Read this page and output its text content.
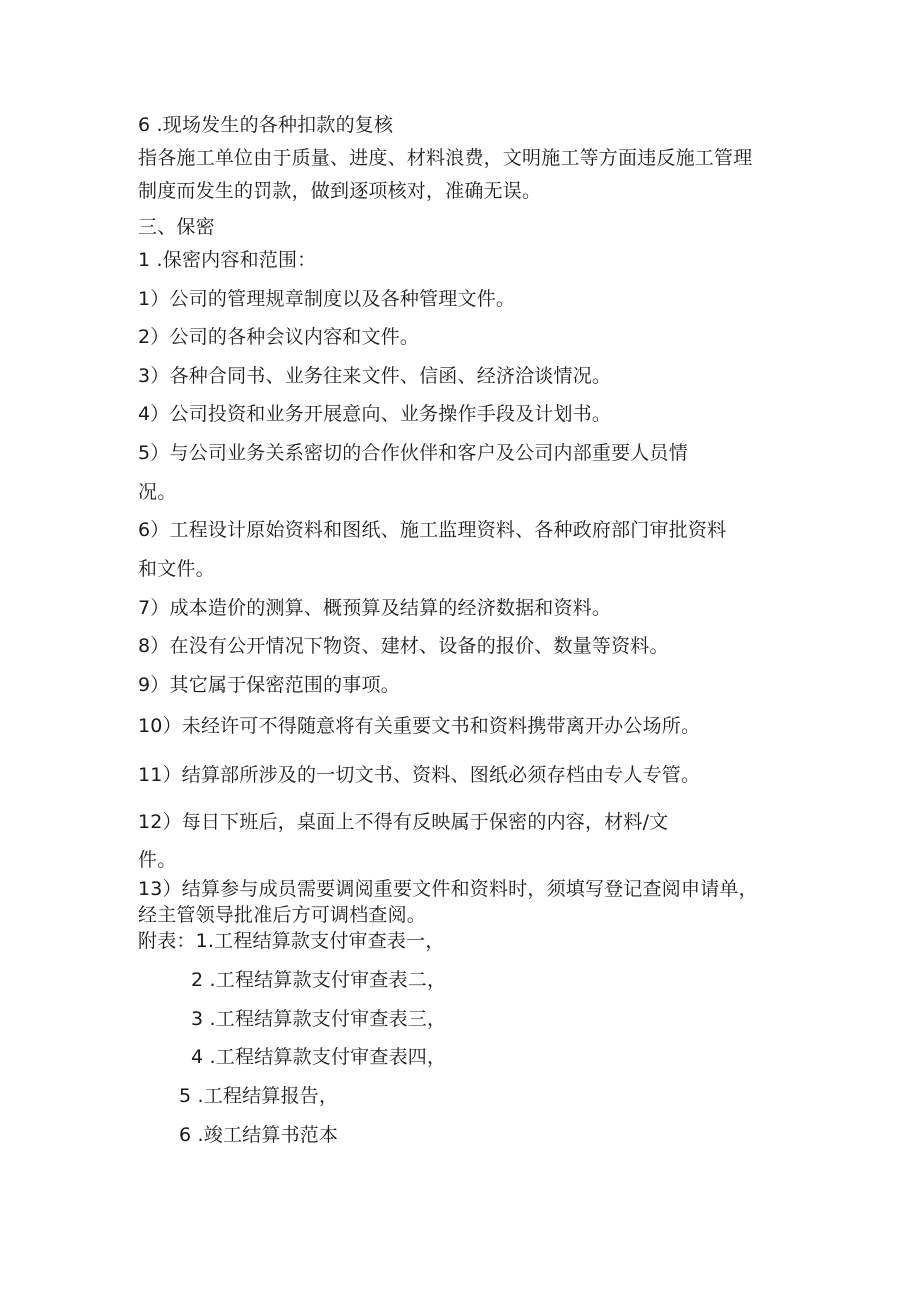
6 .现场发生的各种扣款的复核
指各施工单位由于质量、进度、材料浪费，文明施工等方面违反施工管理
制度而发生的罚款，做到逐项核对，准确无误。
三、保密
1 .保密内容和范围：
1）公司的管理规章制度以及各种管理文件。
2）公司的各种会议内容和文件。
3）各种合同书、业务往来文件、信函、经济洽谈情况。
4）公司投资和业务开展意向、业务操作手段及计划书。
5）与公司业务关系密切的合作伙伴和客户及公司内部重要人员情
况。
6）工程设计原始资料和图纸、施工监理资料、各种政府部门审批资料
和文件。
7）成本造价的测算、概预算及结算的经济数据和资料。
8）在没有公开情况下物资、建材、设备的报价、数量等资料。
9）其它属于保密范围的事项。
10）未经许可不得随意将有关重要文书和资料携带离开办公场所。
11）结算部所涉及的一切文书、资料、图纸必须存档由专人专管。
12）每日下班后，桌面上不得有反映属于保密的内容，材料/文
件。
13）结算参与成员需要调阅重要文件和资料时，须填写登记查阅申请单，
经主管领导批准后方可调档查阅。
附表：1.工程结算款支付审查表一，
2 .工程结算款支付审查表二，
3 .工程结算款支付审查表三，
4 .工程结算款支付审查表四，
5 .工程结算报告，
6 .竣工结算书范本
